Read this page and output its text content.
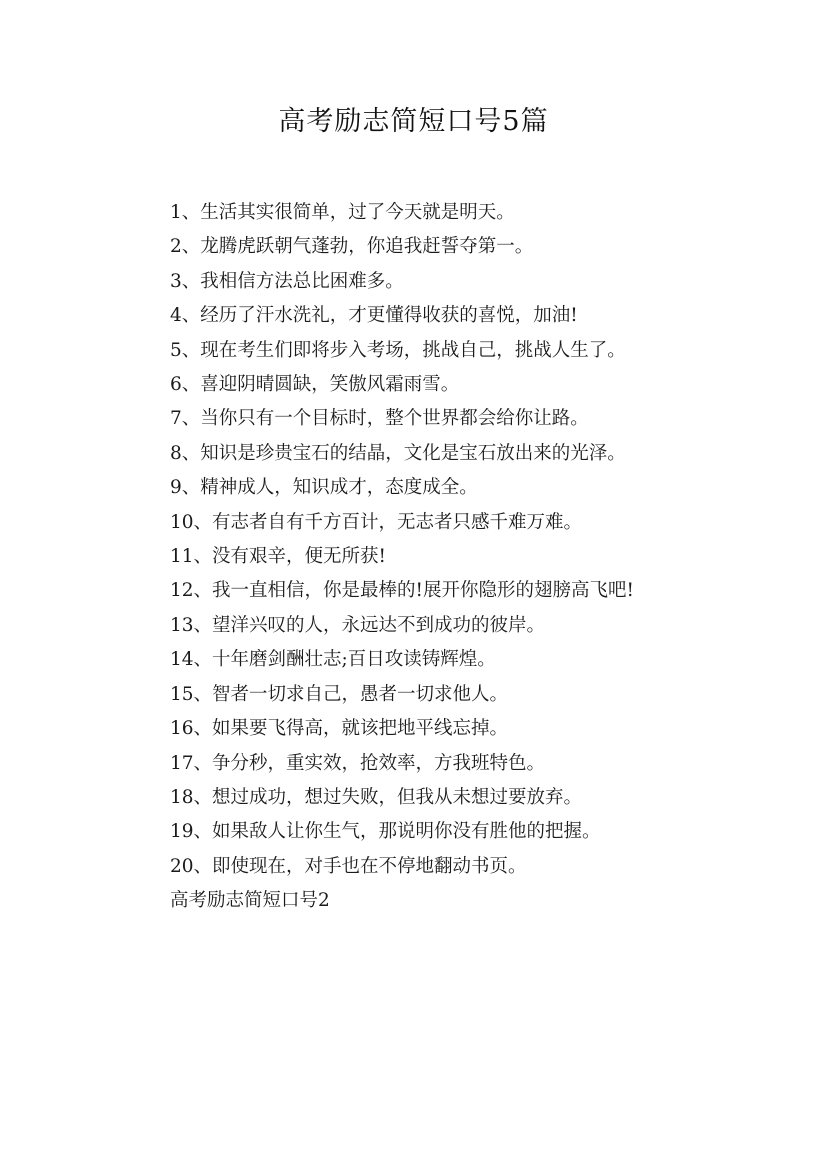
高考励志简短口号5篇

1、生活其实很简单，过了今天就是明天。

2、龙腾虎跃朝气蓬勃，你追我赶誓夺第一。

3、我相信方法总比困难多。

4、经历了汗水洗礼，才更懂得收获的喜悦，加油!

5、现在考生们即将步入考场，挑战自己，挑战人生了。

6、喜迎阴晴圆缺，笑傲风霜雨雪。

7、当你只有一个目标时，整个世界都会给你让路。

8、知识是珍贵宝石的结晶，文化是宝石放出来的光泽。

9、精神成人，知识成才，态度成全。

10、有志者自有千方百计，无志者只感千难万难。

11、没有艰辛，便无所获!

12、我一直相信，你是最棒的!展开你隐形的翅膀高飞吧!

13、望洋兴叹的人，永远达不到成功的彼岸。

14、十年磨剑酬壮志;百日攻读铸辉煌。

15、智者一切求自己，愚者一切求他人。

16、如果要飞得高，就该把地平线忘掉。

17、争分秒，重实效，抢效率，方我班特色。

18、想过成功，想过失败，但我从未想过要放弃。

19、如果敌人让你生气，那说明你没有胜他的把握。

20、即使现在，对手也在不停地翻动书页。

高考励志简短口号2
